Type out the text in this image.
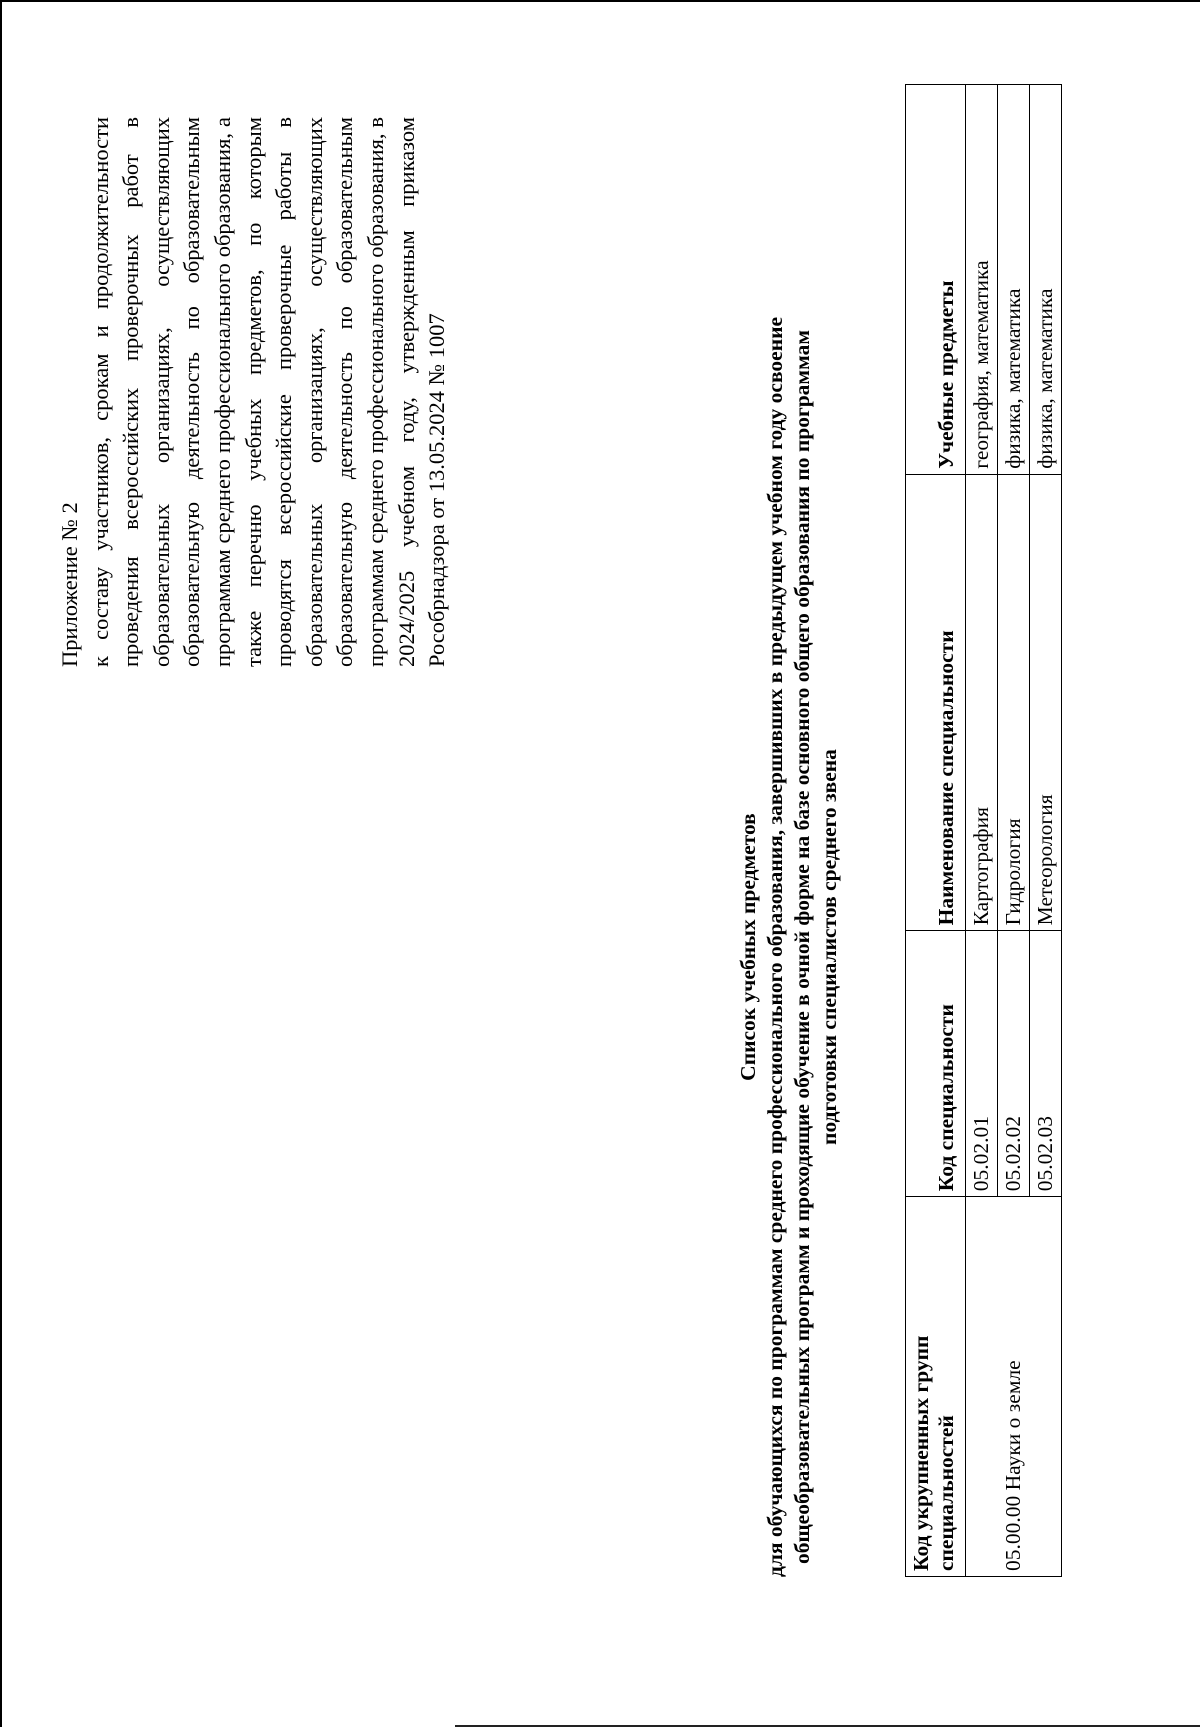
Приложение № 2 к составу участников, срокам и продолжительности проведения всероссийских проверочных работ в образовательных организациях, осуществляющих образовательную деятельность по образовательным программам среднего профессионального образования, а также перечню учебных предметов, по которым проводятся всероссийские проверочные работы в образовательных организациях, осуществляющих образовательную деятельность по образовательным программам среднего профессионального образования, в 2024/2025 учебном году, утвержденным приказом Рособрнадзора от 13.05.2024 № 1007
Список учебных предметов для обучающихся по программам среднего профессионального образования, завершивших в предыдущем учебном году освоение общеобразовательных программ и проходящие обучение в очной форме на базе основного общего образования по программам подготовки специалистов среднего звена
Код укрупненных групп специальностей	Код специальности	Наименование специальности	Учебные предметы
05.00.00 Науки о земле	05.02.01	Картография	география, математика
	05.02.02	Гидрология	физика, математика
	05.02.03	Метеорология	физика, математика
